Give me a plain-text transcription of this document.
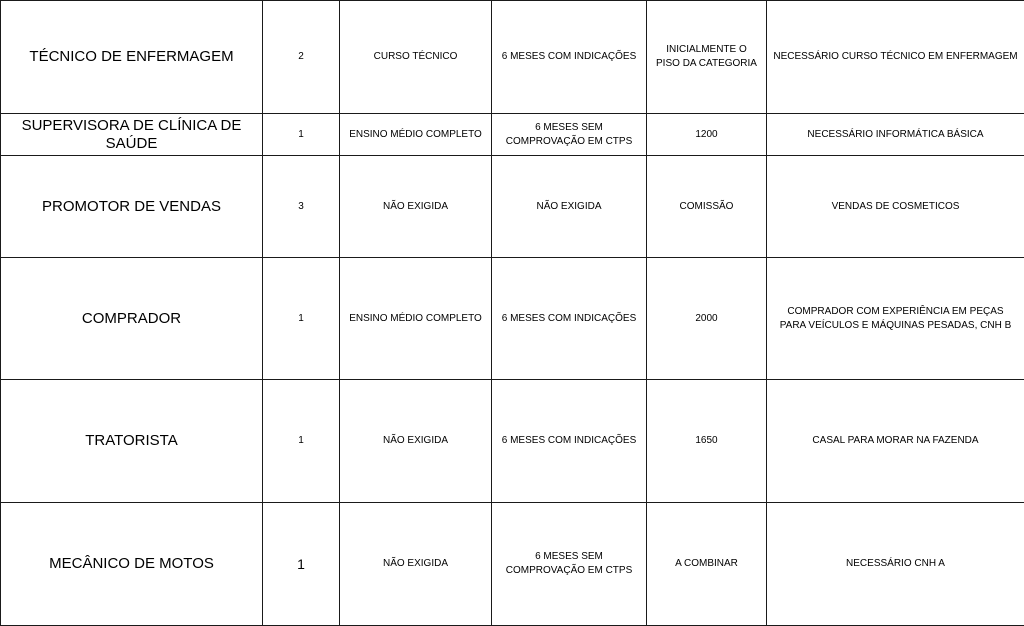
TÉCNICO DE ENFERMAGEM	2	CURSO TÉCNICO	6 MESES COM INDICAÇÕES	INICIALMENTE O PISO DA CATEGORIA	NECESSÁRIO CURSO TÉCNICO EM ENFERMAGEM
SUPERVISORA DE CLÍNICA DE SAÚDE	1	ENSINO MÉDIO COMPLETO	6 MESES SEM COMPROVAÇÃO EM CTPS	1200	NECESSÁRIO INFORMÁTICA BÁSICA
PROMOTOR DE VENDAS	3	NÃO EXIGIDA	NÃO EXIGIDA	COMISSÃO	VENDAS DE COSMETICOS
COMPRADOR	1	ENSINO MÉDIO COMPLETO	6 MESES COM INDICAÇÕES	2000	COMPRADOR COM EXPERIÊNCIA EM PEÇAS PARA VEÍCULOS E MÁQUINAS PESADAS, CNH B
TRATORISTA	1	NÃO EXIGIDA	6 MESES COM INDICAÇÕES	1650	CASAL PARA MORAR NA FAZENDA
MECÂNICO DE MOTOS	1	NÃO EXIGIDA	6 MESES SEM COMPROVAÇÃO EM CTPS	A COMBINAR	NECESSÁRIO CNH A
